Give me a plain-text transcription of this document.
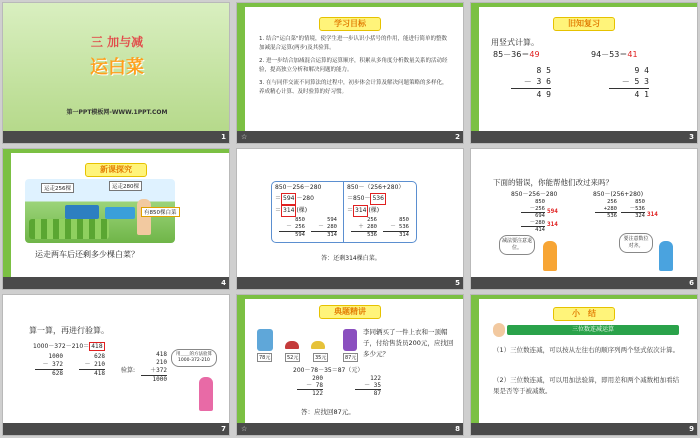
三 加与减
运白菜
第一PPT模板网-WWW.1PPT.COM
1
学习目标
1. 结合"运白菜"的情境，使学生进一步认识小括号的作用，能进行简单的整数加减混合运算(两步)及其验算。
2. 进一步结合加减混合运算的运算顺序，积累从多角度分析数量关系的活动经验，提高独立分析和解决问题的能力。
3. 在与同伴交流不同算法的过程中，初步体会计算及解决问题策略的多样化，养成精心计算、及时验算的好习惯。
☆	2
旧知复习
用竖式计算。
85－36＝49	94－53＝41
8 5
－ 3 6
4 9
9 4
－ 5 3
4 1
3
新课探究
运走256棵	运走280棵
有850棵白菜
运走两车后还剩多少棵白菜？
4
850－256－280
＝ 594 －280
＝ 314 (棵)
850－（256+280）
＝850－ 536
＝ 314 (棵)
850
－ 256
594
594
－ 280
314
256
＋ 280
536
850
－ 536
314
答：还剩314棵白菜。
5
下面的错误，你能帮他们改过来吗？
850－256－280	850－(256+280)
850
－256
694
－280
414
594
314
256
+280
536
850
－536
324 314
减法要注意退位。
要注意数位对齐。
6
算一算，再进行验算。
1000－372－210＝ 418
1000
－ 372
628
628
－ 210
418	验算:
418
210
＋372
1000
用＿＿的方法验算1000-372-210
7
典题精讲
78元	52元	35元	87元
李同辆买了一件上衣和一顶帽子，付给售货员200元，应找回多少元？
200－78－35＝87（元）
200
－ 78
122
122
－ 35
87
答：应找回87元。
☆	8
小　结
三位数连减运算
（1）三位数连减，可以按从左往右的顺序列两个竖式依次计算。
（2）三位数连减，可以用加法验算，即用差和两个减数相加看结果是否等于被减数。
9
